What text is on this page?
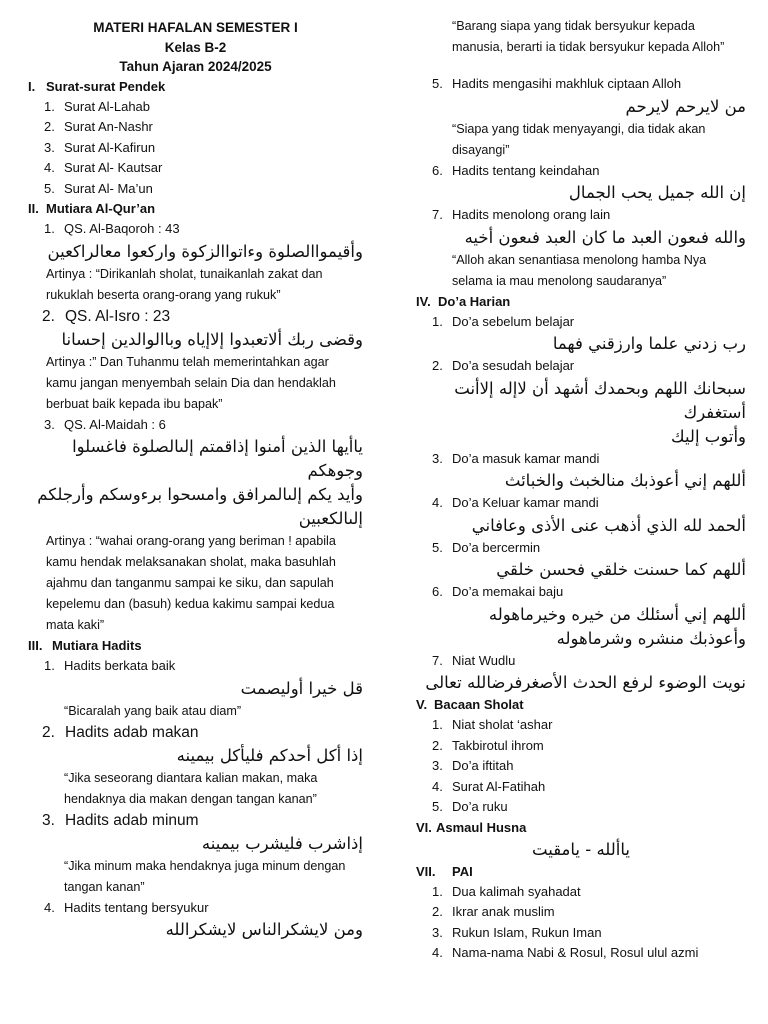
MATERI HAFALAN SEMESTER I
Kelas B-2
Tahun Ajaran 2024/2025
I. Surat-surat Pendek
1. Surat Al-Lahab
2. Surat An-Nashr
3. Surat Al-Kafirun
4. Surat Al- Kautsar
5. Surat Al- Ma’un
II. Mutiara Al-Qur’an
1. QS. Al-Baqoroh : 43
وأقيمواالصلوة وءاتواالزكوة واركعوا معالراكعين
Artinya : “Dirikanlah sholat, tunaikanlah zakat dan rukuklah beserta orang-orang yang rukuk”
2. QS. Al-Isro : 23
وقضى ربك ألاتعبدوا إلاإياه وباالوالدين إحسانا
Artinya :” Dan Tuhanmu telah memerintahkan agar kamu jangan menyembah selain Dia dan hendaklah berbuat baik kepada ibu bapak”
3. QS. Al-Maidah : 6
ياأيها الذين أمنوا إذاقمتم إلىالصلوة فاغسلوا وجوهكم
وأيد يكم إلىالمرافق وامسحوا برءوسكم وأرجلكم إلىالكعبين
Artinya : “wahai orang-orang yang beriman ! apabila kamu hendak melaksanakan sholat, maka basuhlah ajahmu dan tanganmu sampai ke siku, dan sapulah kepelemu dan (basuh) kedua kakimu sampai kedua mata kaki”
III. Mutiara Hadits
1. Hadits berkata baik
قل خيرا أوليصمت
“Bicaralah yang baik atau diam”
2. Hadits adab makan
إذا أكل أحدكم فليأكل بيمينه
“Jika seseorang diantara kalian makan, maka hendaknya dia makan dengan tangan kanan”
3. Hadits adab minum
إذاشرب فليشرب بيمينه
“Jika minum maka hendaknya juga minum dengan tangan kanan”
4. Hadits tentang bersyukur
ومن لايشكرالناس لايشكرالله
“Barang siapa yang tidak bersyukur kepada manusia, berarti ia tidak bersyukur kepada Alloh”
5. Hadits mengasihi makhluk ciptaan Alloh
من لايرحم لايرحم
“Siapa yang tidak menyayangi, dia tidak akan disayangi”
6. Hadits tentang keindahan
إن الله جميل يحب الجمال
7. Hadits menolong orang lain
والله فىعون العبد ما كان العبد فىعون أخيه
“Alloh akan senantiasa menolong hamba Nya selama ia mau menolong saudaranya”
IV. Do’a Harian
1. Do’a sebelum belajar
رب زدني علما وارزقني فهما
2. Do’a sesudah belajar
سبحانك اللهم وبحمدك أشهد أن لاإله إلاأنت أستغفرك
وأتوب إليك
3. Do’a masuk kamar mandi
أللهم إني أعوذبك منالخبث والخبائث
4. Do’a Keluar kamar mandi
ألحمد لله الذي أذهب عنى الأذى وعافاني
5. Do’a bercermin
أللهم كما حسنت خلقي فحسن خلقي
6. Do’a memakai baju
أللهم إني أسئلك من خيره وخيرماهوله
وأعوذبك منشره وشرماهوله
7. Niat Wudlu
نويت الوضوء لرفع الحدث الأصغرفرضالله تعالى
V. Bacaan Sholat
1. Niat sholat ‘ashar
2. Takbirotul ihrom
3. Do’a iftitah
4. Surat Al-Fatihah
5. Do’a ruku
VI. Asmaul Husna
ياألله - يامقيت
VII. PAI
1. Dua kalimah syahadat
2. Ikrar anak muslim
3. Rukun Islam, Rukun Iman
4. Nama-nama Nabi & Rosul, Rosul ulul azmi
